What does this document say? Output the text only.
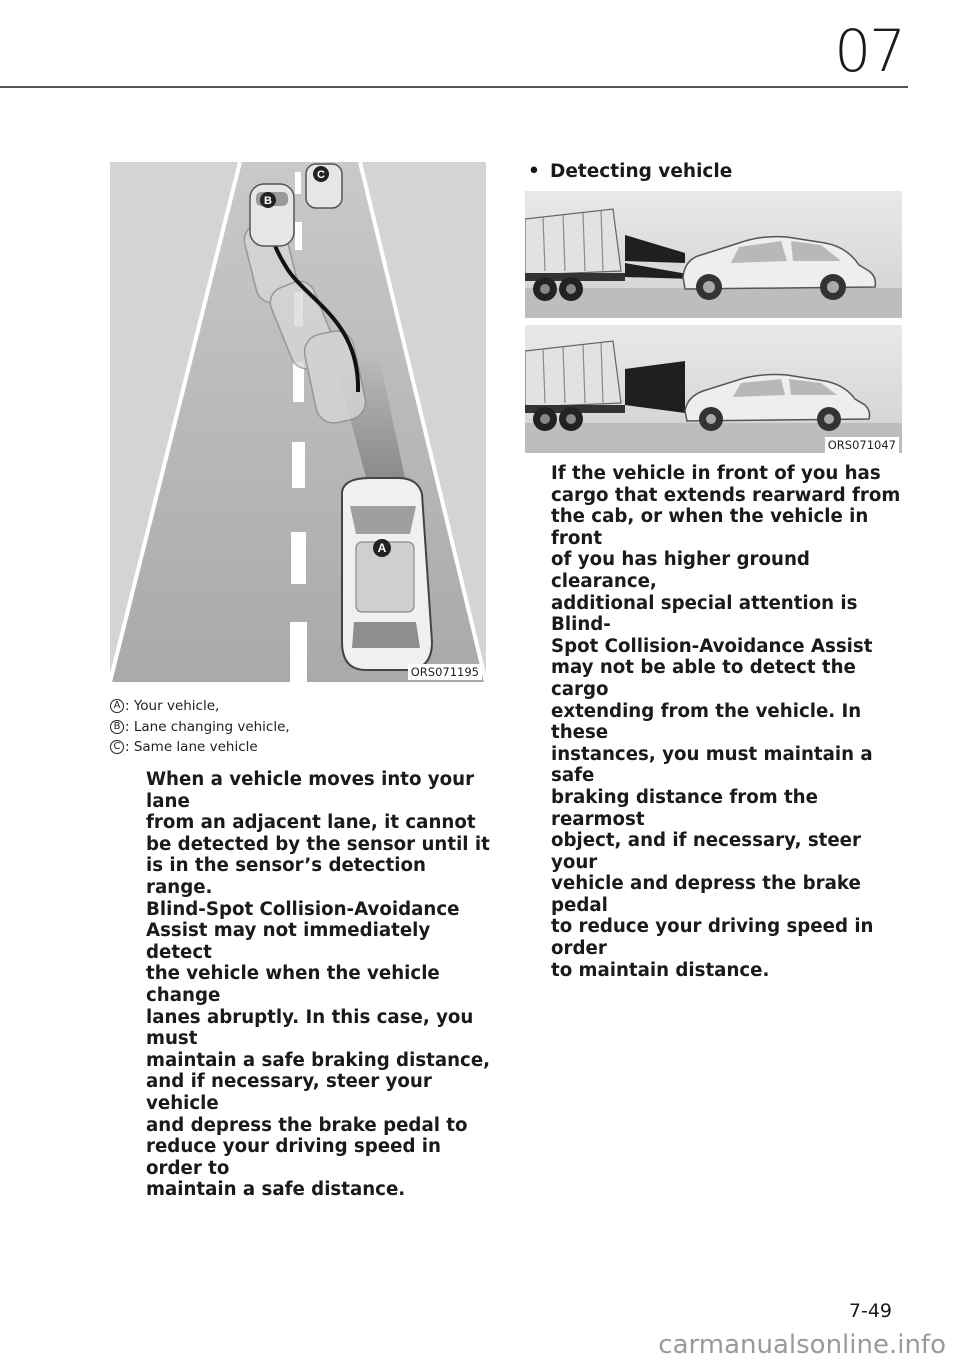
07
B
C
A
ORS071195
A : Your vehicle,
B : Lane changing vehicle,
C : Same lane vehicle
When a vehicle moves into your lane
from an adjacent lane, it cannot
be detected by the sensor until it
is in the sensor’s detection range.
Blind-Spot Collision-Avoidance
Assist may not immediately detect
the vehicle when the vehicle change
lanes abruptly. In this case, you must
maintain a safe braking distance,
and if necessary, steer your vehicle
and depress the brake pedal to
reduce your driving speed in order to
maintain a safe distance.
• Detecting vehicle
ORS071047
If the vehicle in front of you has
cargo that extends rearward from
the cab, or when the vehicle in front
of you has higher ground clearance,
additional special attention is Blind-
Spot Collision-Avoidance Assist
may not be able to detect the cargo
extending from the vehicle. In these
instances, you must maintain a safe
braking distance from the rearmost
object, and if necessary, steer your
vehicle and depress the brake pedal
to reduce your driving speed in order
to maintain distance.
7-49
carmanualsonline.info
